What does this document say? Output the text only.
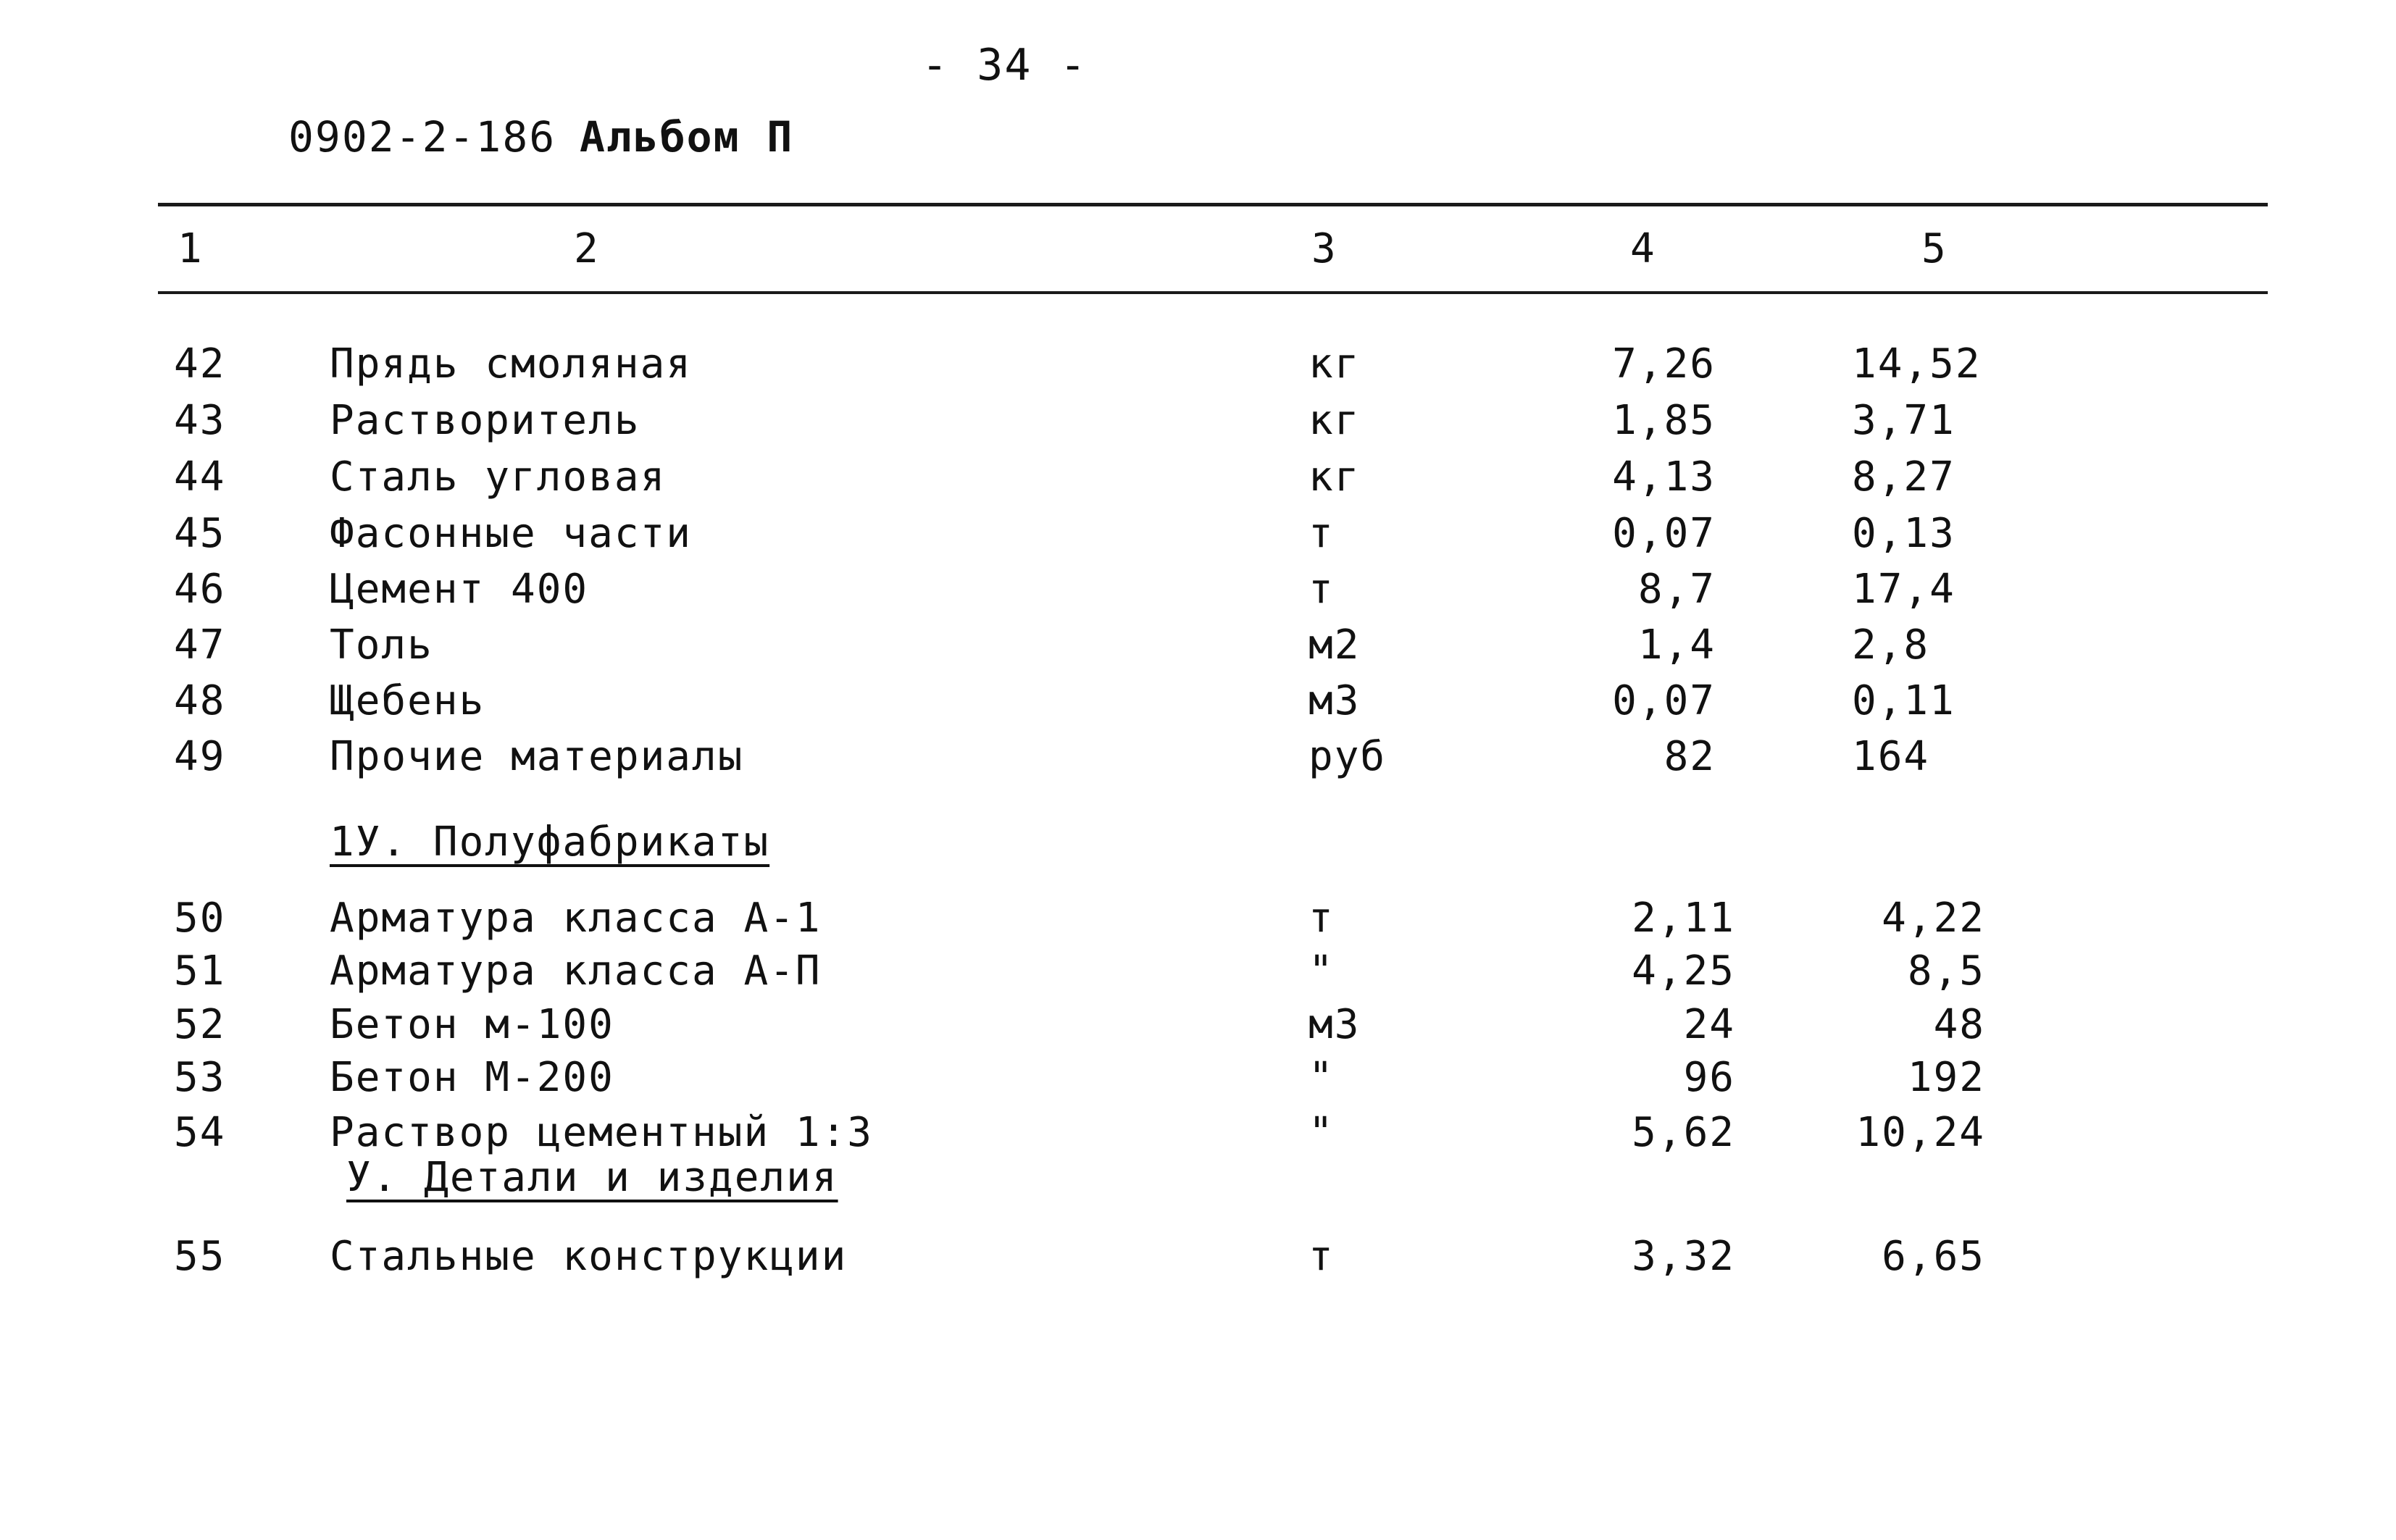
- 34 -
0902-2-186 Альбом П
1	2	3	4	5
42	Прядь смоляная	кг	7,26	14,52
43	Растворитель	кг	1,85	3,71
44	Сталь угловая	кг	4,13	8,27
45	Фасонные части	т	0,07	0,13
46	Цемент 400	т	8,7	17,4
47	Толь	м2	1,4	2,8
48	Щебень	м3	0,07	0,11
49	Прочие материалы	руб	82	164
1У. Полуфабрикаты
50	Арматура класса А-1	т	2,11	4,22
51	Арматура класса А-П	"	4,25	8,5
52	Бетон м-100	м3	24	48
53	Бетон М-200	"	96	192
54	Раствор цементный 1:3	"	5,62	10,24
У. Детали и изделия
55	Стальные конструкции	т	3,32	6,65
